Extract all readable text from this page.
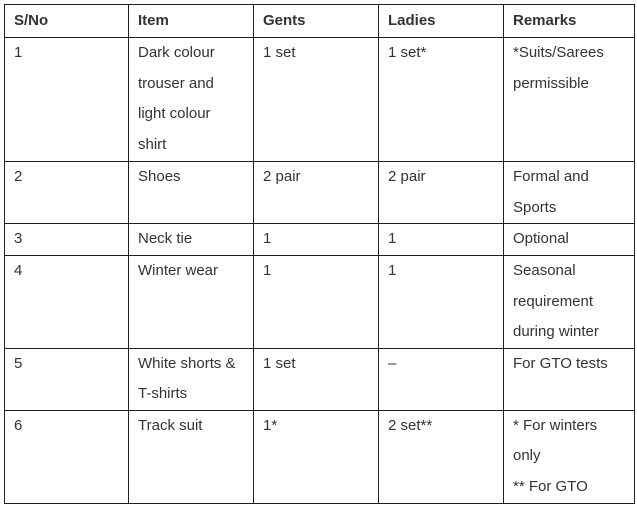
S/No	Item	Gents	Ladies	Remarks

1	Dark colour
trouser and
light colour
shirt	1 set	1 set*	*Suits/Sarees
permissible

2	Shoes	2 pair	2 pair	Formal and
Sports

3	Neck tie	1	1	Optional

4	Winter wear	1	1	Seasonal
requirement
during winter

5	White shorts &
T-shirts	1 set	–	For GTO tests

6	Track suit	1*	2 set**	* For winters
only
** For GTO
